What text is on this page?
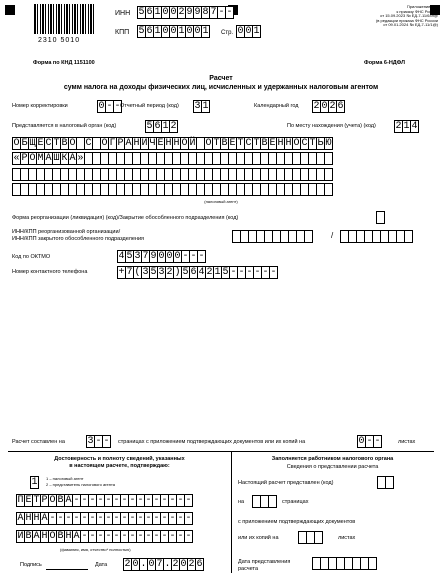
2310 5010
ИНН 5 6 1 0 0 2 9 9 8 7 - -
КПП 5 6 1 0 0 1 0 0 1 Стр. 0 0 1
Приложение №1
к приказу ФНС России
от 15.09.2023 № ЕД-7-11/649@
(в редакции приказа ФНС России
от 09.01.2024 № ЕД-7-11/1@)
Форма по КНД 1151100	Форма 6-НДФЛ
Расчет
сумм налога на доходы физических лиц, исчисленных и удержанных налоговым агентом
Номер корректировки	0 - - Отчетный период (код) 3 1	Календарный год 2 0 2 6
Представляется в налоговый орган (код)	5 6 1 2	По месту нахождения (учета) (код) 2 1 4
О Б Щ Е С Т В О С О Г Р А Н И Ч Е Н Н О Й О Т В Е Т С Т В Е Н Н О С Т Ь Ю
« Р О М А Ш К А »
(налоговый агент)
Форма реорганизации (ликвидация) (код)/Закрытие обособленного подразделения (код)
ИНН/КПП реорганизованной организации/
ИНН/КПП закрытого обособленного подразделения	/
Код по ОКТМО	4 5 3 7 9 0 0 0 - - -
Номер контактного телефона	+ 7 ( 3 5 3 2 ) 5 6 4 2 1 5 - - - - - -
Расчет составлен на 3 - - страницах с приложением подтверждающих документов или их копий на	0 - -	листах
Достоверность и полноту сведений, указанных
в настоящем расчете, подтверждаю:
1	1 – налоговый агент
2 – представитель налогового агента
П Е Т Р О В А - - - - - - - - - - - - - - -
А Н Н А - - - - - - - - - - - - - - - - - -
И В А Н О В Н А - - - - - - - - - - - - - -
(фамилия, имя, отчество* полностью)
Подпись	Дата 2 0 . 0 7 . 2 0 2 6
Заполняется работником налогового органа
Сведения о представлении расчета
Настоящий расчет представлен (код)
на	страницах
с приложением подтверждающих документов
или их копий на	листах
Дата представления
расчета
